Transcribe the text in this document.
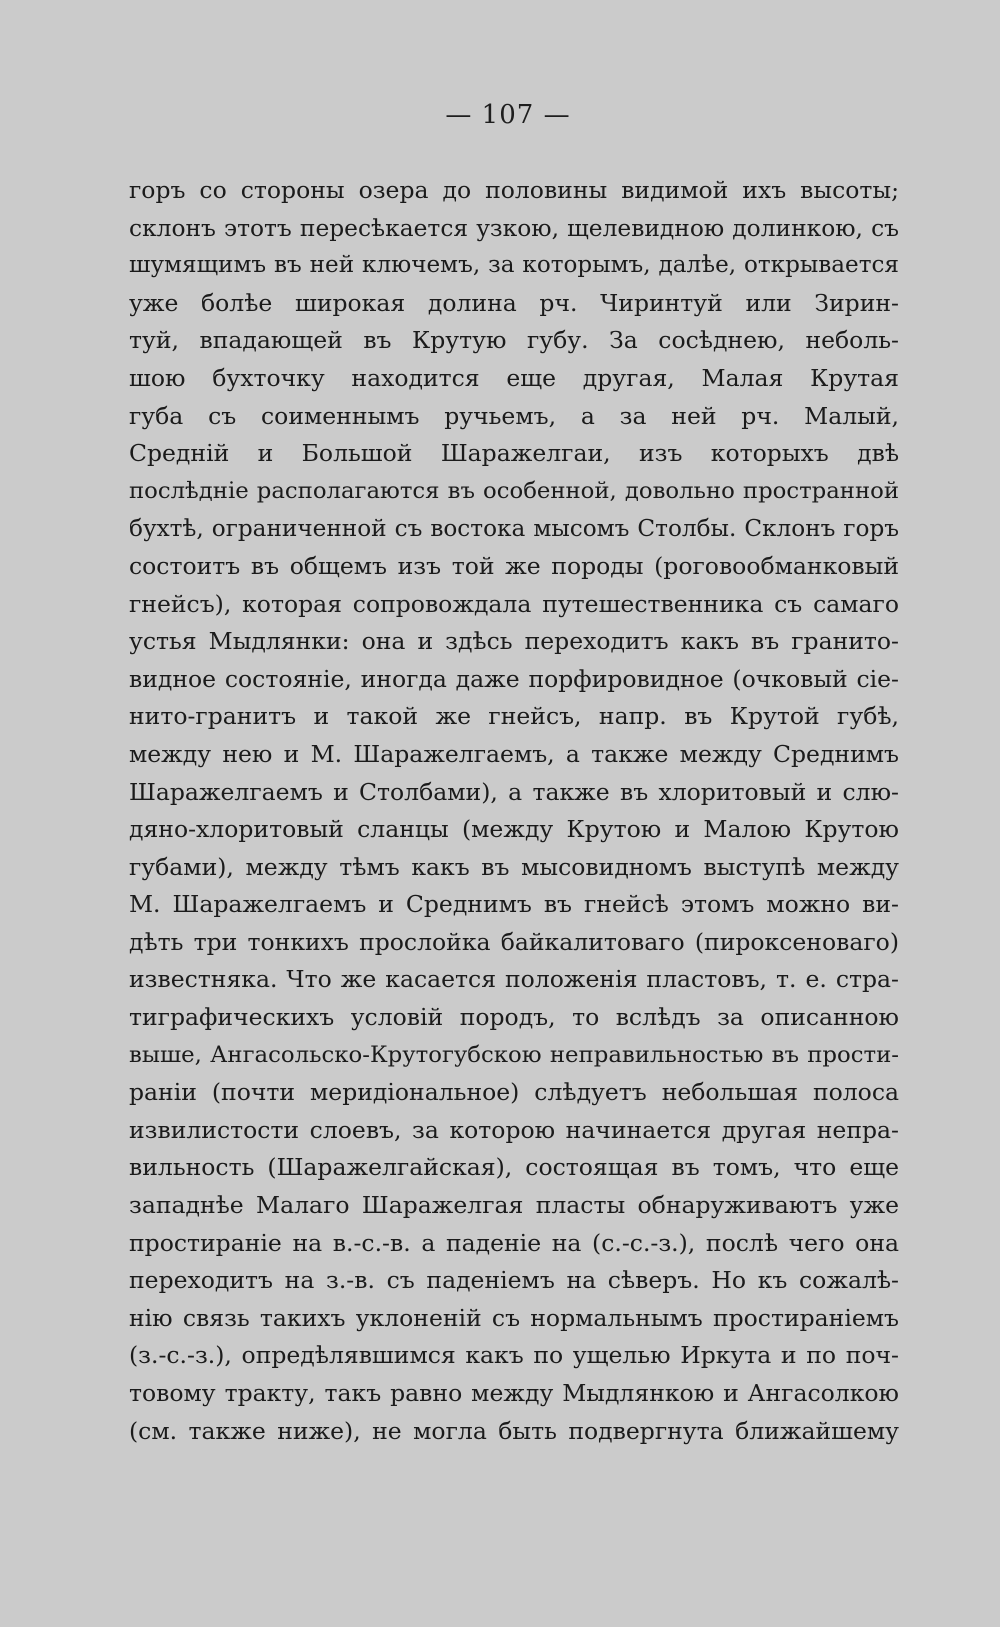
— 107 —
горъ со стороны озера до половины видимой ихъ высоты;
склонъ этотъ пересѣкается узкою, щелевидною долинкою, съ
шумящимъ въ ней ключемъ, за которымъ, далѣе, открывается
уже болѣе широкая долина рч. Чиринтуй или Зирин-
туй, впадающей въ Крутую губу. За сосѣднею, неболь-
шою бухточку находится еще другая, Малая Крутая
губа съ соименнымъ ручьемъ, а за ней рч. Малый,
Средній и Большой Шаражелгаи, изъ которыхъ двѣ
послѣдніе располагаются въ особенной, довольно пространной
бухтѣ, ограниченной съ востока мысомъ Столбы. Склонъ горъ
состоитъ въ общемъ изъ той же породы (роговообманковый
гнейсъ), которая сопровождала путешественника съ самаго
устья Мыдлянки: она и здѣсь переходитъ какъ въ гранито-
видное состояніе, иногда даже порфировидное (очковый сіе-
нито-гранитъ и такой же гнейсъ, напр. въ Крутой губѣ,
между нею и М. Шаражелгаемъ, а также между Среднимъ
Шаражелгаемъ и Столбами), а также въ хлоритовый и слю-
дяно-хлоритовый сланцы (между Крутою и Малою Крутою
губами), между тѣмъ какъ въ мысовидномъ выступѣ между
М. Шаражелгаемъ и Среднимъ въ гнейсѣ этомъ можно ви-
дѣть три тонкихъ прослойка байкалитоваго (пироксеноваго)
известняка. Что же касается положенія пластовъ, т. е. стра-
тиграфическихъ условій породъ, то вслѣдъ за описанною
выше, Ангасольско-Крутогубскою неправильностью въ прости-
раніи (почти меридіональное) слѣдуетъ небольшая полоса
извилистости слоевъ, за которою начинается другая непра-
вильность (Шаражелгайская), состоящая въ томъ, что еще
западнѣе Малаго Шаражелгая пласты обнаруживаютъ уже
простираніе на в.-с.-в. а паденіе на (с.-с.-з.), послѣ чего она
переходитъ на з.-в. съ паденіемъ на сѣверъ. Но къ сожалѣ-
нію связь такихъ уклоненій съ нормальнымъ простираніемъ
(з.-с.-з.), опредѣлявшимся какъ по ущелью Иркута и по поч-
товому тракту, такъ равно между Мыдлянкою и Ангасолкою
(см. также ниже), не могла быть подвергнута ближайшему
